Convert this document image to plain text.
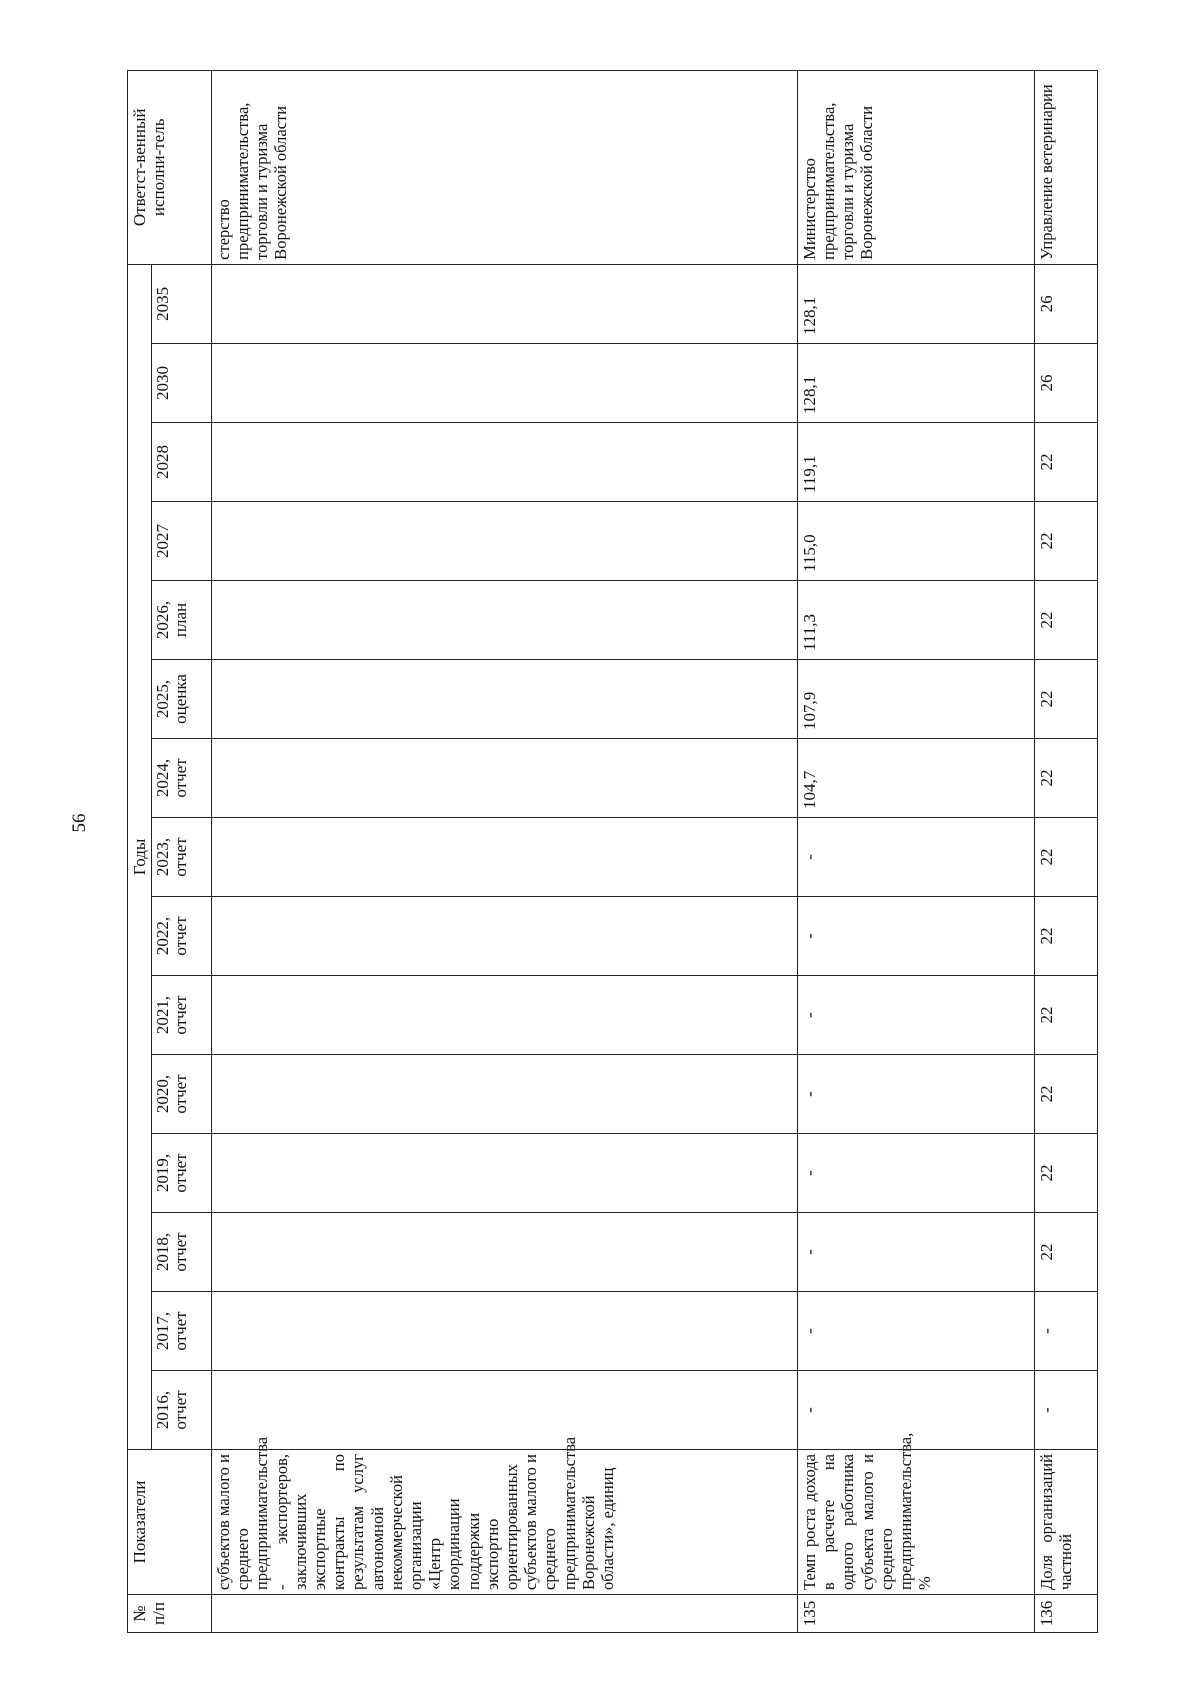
56
№ п/п	Показатели	Годы															Ответст-венный исполни-тель
		2016, отчет	2017, отчет	2018, отчет	2019, отчет	2020, отчет	2021, отчет	2022, отчет	2023, отчет	2024, отчет	2025, оценка	2026, план	2027	2028	2030	2035	
	субъектов малого и среднего предпринимательства - экспортеров, заключивших экспортные контракты по результатам услуг автономной некоммерческой организации «Центр координации поддержки экспортно ориентированных субъектов малого и среднего предпринимательства Воронежской области», единиц																стерство предпринимательства, торговли и туризма Воронежской области
135	Темп роста дохода в расчете на одного работника субъекта малого и среднего предпринимательства, %	-	-	-	-	-	-	-	-	104,7	107,9	111,3	115,0	119,1	128,1	128,1	Министерство предпринимательства, торговли и туризма Воронежской области
136	Доля организаций частной	-	-	22	22	22	22	22	22	22	22	22	22	22	26	26	Управление ветеринарии
